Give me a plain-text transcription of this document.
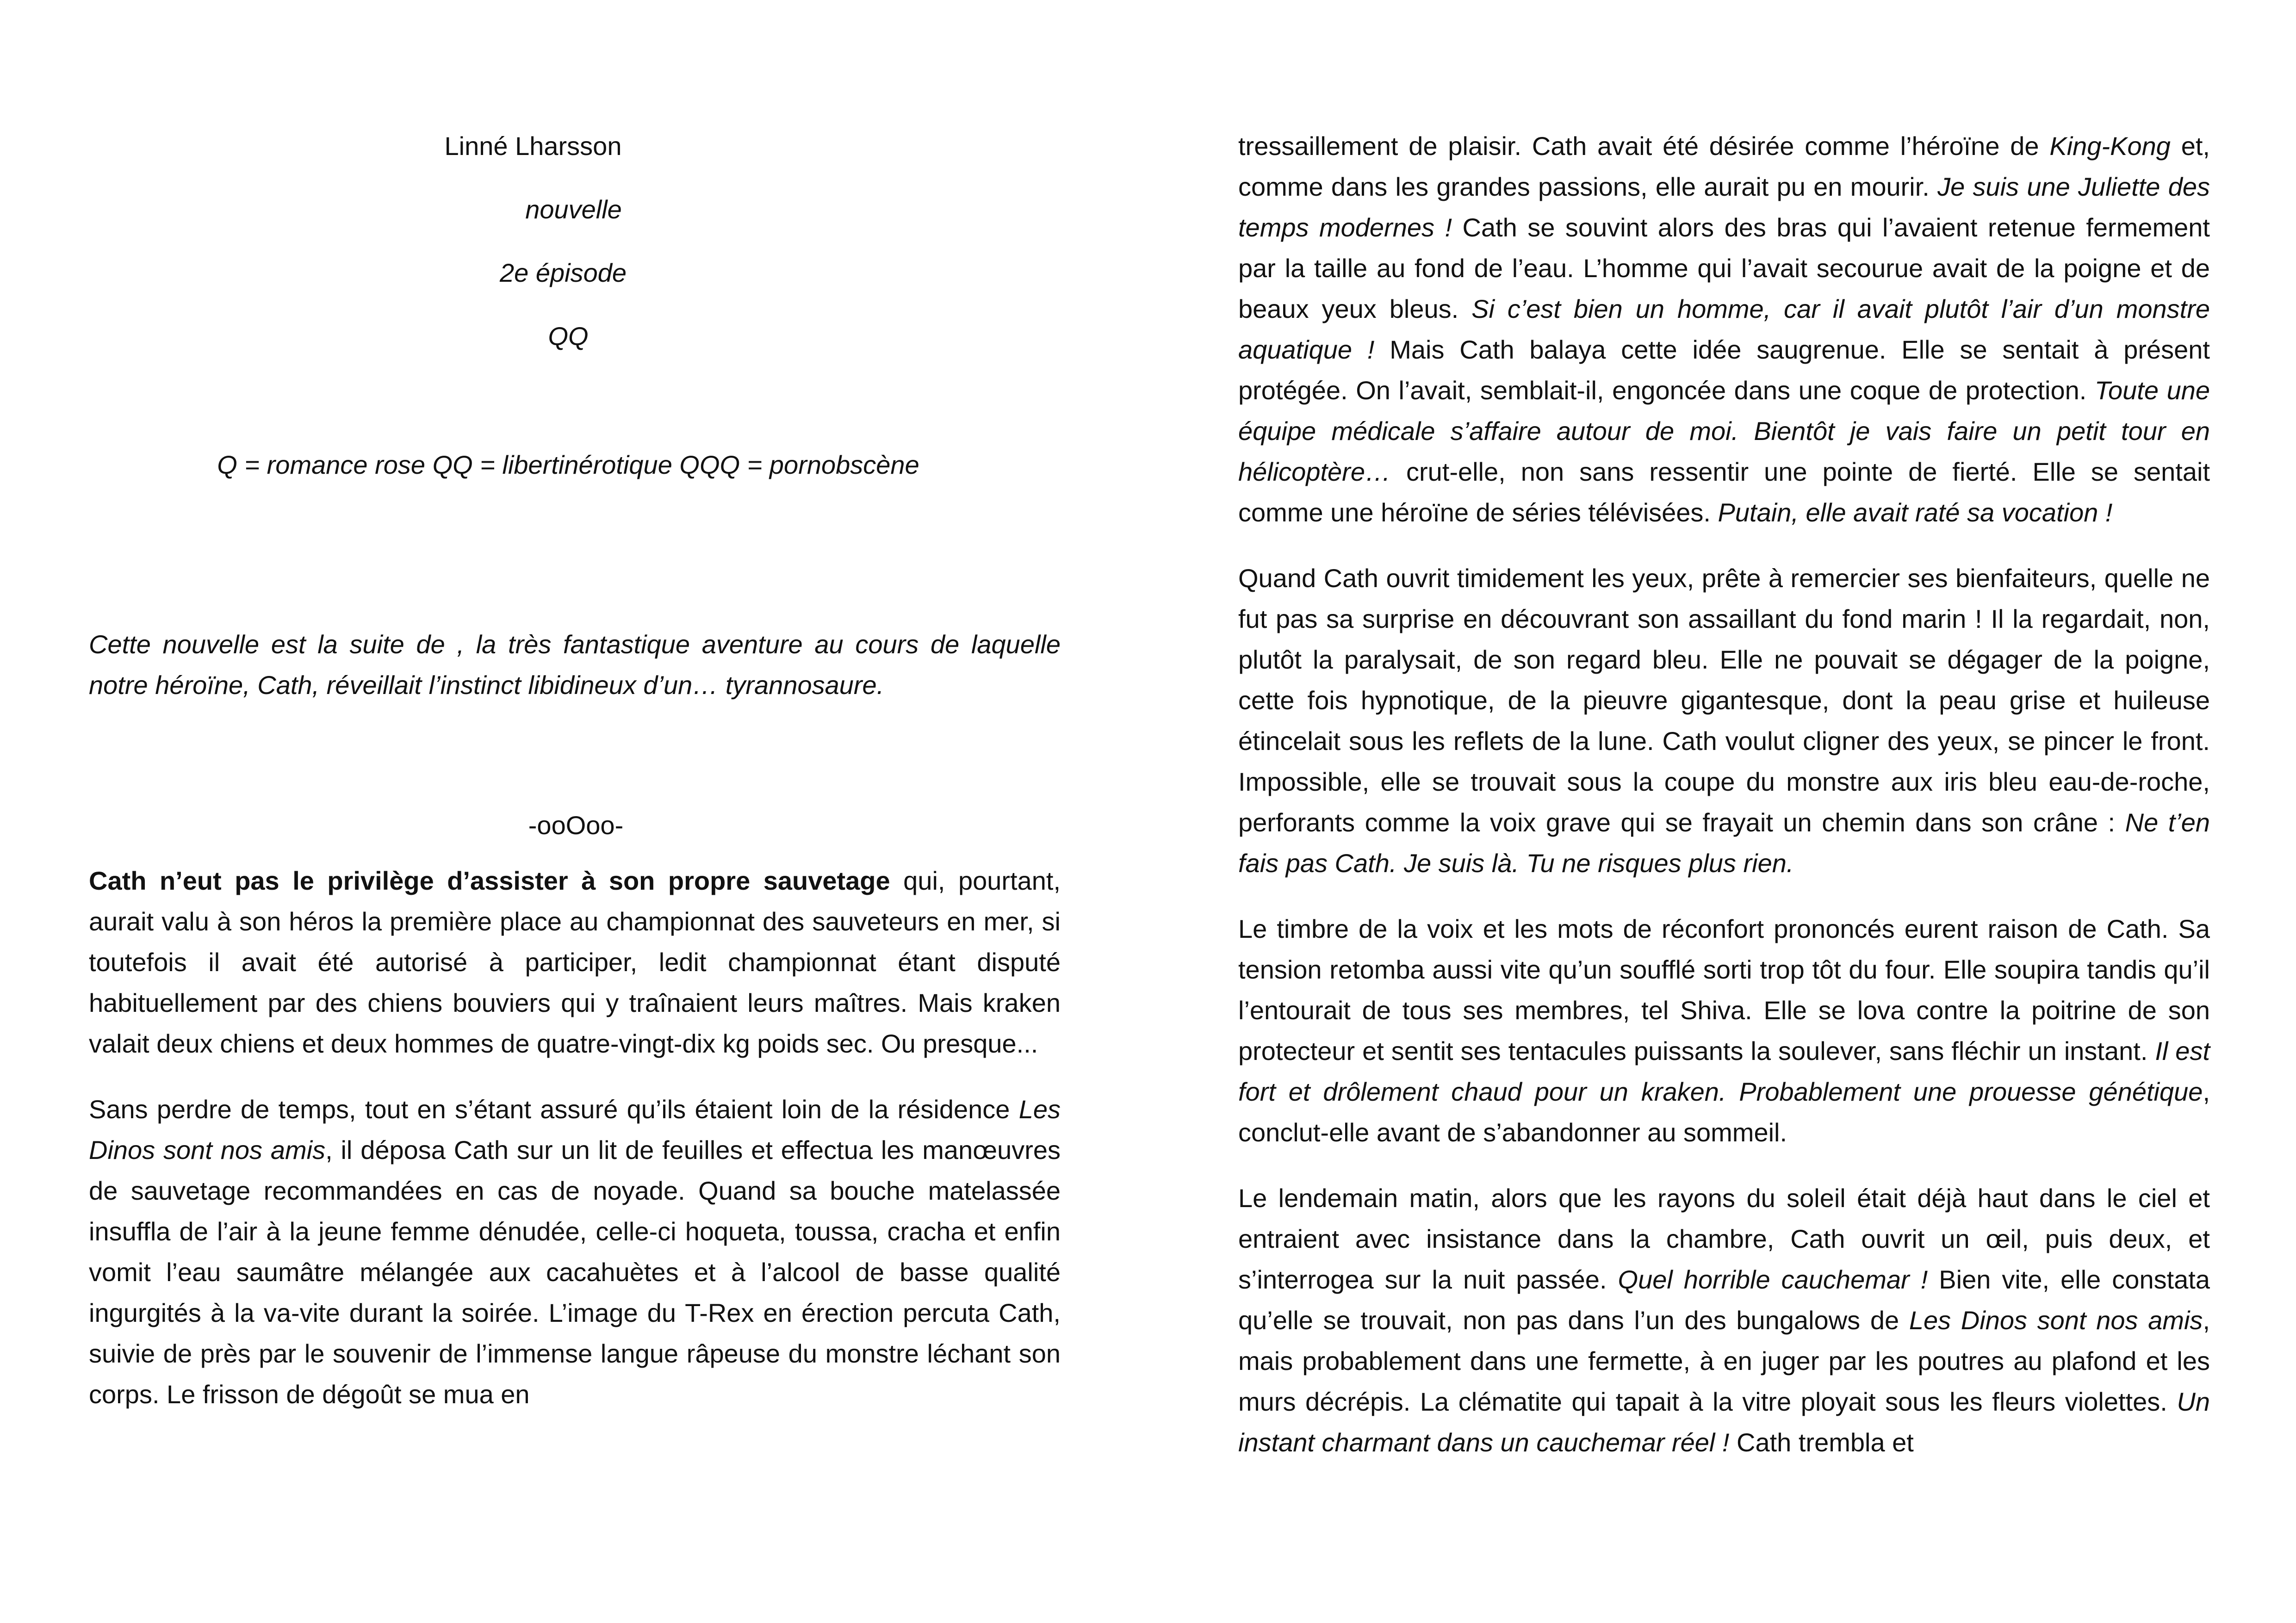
Linné Lharsson

nouvelle

2e épisode

QQ

Q = romance rose QQ = libertinérotique QQQ = pornobscène

Cette nouvelle est la suite de , la très fantastique aventure au cours de laquelle notre héroïne, Cath, réveillait l’instinct libidineux d’un… tyrannosaure.

-ooOoo-

Cath n’eut pas le privilège d’assister à son propre sauvetage qui, pourtant, aurait valu à son héros la première place au championnat des sauveteurs en mer, si toutefois il avait été autorisé à participer, ledit championnat étant disputé habituellement par des chiens bouviers qui y traînaient leurs maîtres. Mais kraken valait deux chiens et deux hommes de quatre-vingt-dix kg poids sec. Ou presque...

Sans perdre de temps, tout en s’étant assuré qu’ils étaient loin de la résidence Les Dinos sont nos amis, il déposa Cath sur un lit de feuilles et effectua les manœuvres de sauvetage recommandées en cas de noyade. Quand sa bouche matelassée insuffla de l’air à la jeune femme dénudée, celle-ci hoqueta, toussa, cracha et enfin vomit l’eau saumâtre mélangée aux cacahuètes et à l’alcool de basse qualité ingurgités à la va-vite durant la soirée. L’image du T-Rex en érection percuta Cath, suivie de près par le souvenir de l’immense langue râpeuse du monstre léchant son corps. Le frisson de dégoût se mua en

tressaillement de plaisir. Cath avait été désirée comme l’héroïne de King-Kong et, comme dans les grandes passions, elle aurait pu en mourir. Je suis une Juliette des temps modernes ! Cath se souvint alors des bras qui l’avaient retenue fermement par la taille au fond de l’eau. L’homme qui l’avait secourue avait de la poigne et de beaux yeux bleus. Si c’est bien un homme, car il avait plutôt l’air d’un monstre aquatique ! Mais Cath balaya cette idée saugrenue. Elle se sentait à présent protégée. On l’avait, semblait-il, engoncée dans une coque de protection. Toute une équipe médicale s’affaire autour de moi. Bientôt je vais faire un petit tour en hélicoptère… crut-elle, non sans ressentir une pointe de fierté. Elle se sentait comme une héroïne de séries télévisées. Putain, elle avait raté sa vocation !

Quand Cath ouvrit timidement les yeux, prête à remercier ses bienfaiteurs, quelle ne fut pas sa surprise en découvrant son assaillant du fond marin ! Il la regardait, non, plutôt la paralysait, de son regard bleu. Elle ne pouvait se dégager de la poigne, cette fois hypnotique, de la pieuvre gigantesque, dont la peau grise et huileuse étincelait sous les reflets de la lune. Cath voulut cligner des yeux, se pincer le front. Impossible, elle se trouvait sous la coupe du monstre aux iris bleu eau-de-roche, perforants comme la voix grave qui se frayait un chemin dans son crâne : Ne t’en fais pas Cath. Je suis là. Tu ne risques plus rien.

Le timbre de la voix et les mots de réconfort prononcés eurent raison de Cath. Sa tension retomba aussi vite qu’un soufflé sorti trop tôt du four. Elle soupira tandis qu’il l’entourait de tous ses membres, tel Shiva. Elle se lova contre la poitrine de son protecteur et sentit ses tentacules puissants la soulever, sans fléchir un instant. Il est fort et drôlement chaud pour un kraken. Probablement une prouesse génétique, conclut-elle avant de s’abandonner au sommeil.

Le lendemain matin, alors que les rayons du soleil était déjà haut dans le ciel et entraient avec insistance dans la chambre, Cath ouvrit un œil, puis deux, et s’interrogea sur la nuit passée. Quel horrible cauchemar ! Bien vite, elle constata qu’elle se trouvait, non pas dans l’un des bungalows de Les Dinos sont nos amis, mais probablement dans une fermette, à en juger par les poutres au plafond et les murs décrépis. La clématite qui tapait à la vitre ployait sous les fleurs violettes. Un instant charmant dans un cauchemar réel ! Cath trembla et
